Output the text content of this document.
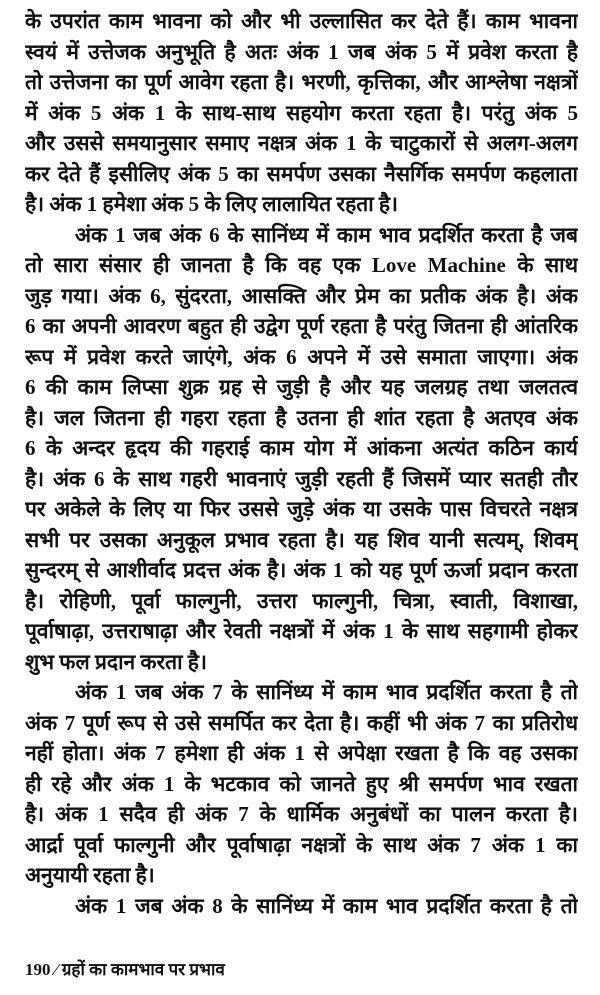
के उपरांत काम भावना को और भी उल्लासित कर देते हैं। काम भावना
स्वयं में उत्तेजक अनुभूति है अतः अंक 1 जब अंक 5 में प्रवेश करता है
तो उत्तेजना का पूर्ण आवेग रहता है। भरणी, कृत्तिका, और आश्लेषा नक्षत्रों
में अंक 5 अंक 1 के साथ-साथ सहयोग करता रहता है। परंतु अंक 5
और उससे समयानुसार समाए नक्षत्र अंक 1 के चाटुकारों से अलग-अलग
कर देते हैं इसीलिए अंक 5 का समर्पण उसका नैसर्गिक समर्पण कहलाता
है। अंक 1 हमेशा अंक 5 के लिए लालायित रहता है।
अंक 1 जब अंक 6 के सानिंध्य में काम भाव प्रदर्शित करता है जब
तो सारा संसार ही जानता है कि वह एक Love Machine के साथ
जुड़ गया। अंक 6, सुंदरता, आसक्ति और प्रेम का प्रतीक अंक है। अंक
6 का अपनी आवरण बहुत ही उद्वेग पूर्ण रहता है परंतु जितना ही आंतरिक
रूप में प्रवेश करते जाएंगे, अंक 6 अपने में उसे समाता जाएगा। अंक
6 की काम लिप्सा शुक्र ग्रह से जुड़ी है और यह जलग्रह तथा जलतत्व
है। जल जितना ही गहरा रहता है उतना ही शांत रहता है अतएव अंक
6 के अन्दर हृदय की गहराई काम योग में आंकना अत्यंत कठिन कार्य
है। अंक 6 के साथ गहरी भावनाएं जुड़ी रहती हैं जिसमें प्यार सतही तौर
पर अकेले के लिए या फिर उससे जुड़े अंक या उसके पास विचरते नक्षत्र
सभी पर उसका अनुकूल प्रभाव रहता है। यह शिव यानी सत्यम्, शिवम्
सुन्दरम् से आशीर्वाद प्रदत्त अंक है। अंक 1 को यह पूर्ण ऊर्जा प्रदान करता
है। रोहिणी, पूर्वा फाल्गुनी, उत्तरा फाल्गुनी, चित्रा, स्वाती, विशाखा,
पूर्वाषाढ़ा, उत्तराषाढ़ा और रेवती नक्षत्रों में अंक 1 के साथ सहगामी होकर
शुभ फल प्रदान करता है।
अंक 1 जब अंक 7 के सानिंध्य में काम भाव प्रदर्शित करता है तो
अंक 7 पूर्ण रूप से उसे समर्पित कर देता है। कहीं भी अंक 7 का प्रतिरोध
नहीं होता। अंक 7 हमेशा ही अंक 1 से अपेक्षा रखता है कि वह उसका
ही रहे और अंक 1 के भटकाव को जानते हुए श्री समर्पण भाव रखता
है। अंक 1 सदैव ही अंक 7 के धार्मिक अनुबंधों का पालन करता है।
आर्द्रा पूर्वा फाल्गुनी और पूर्वाषाढ़ा नक्षत्रों के साथ अंक 7 अंक 1 का
अनुयायी रहता है।
अंक 1 जब अंक 8 के सानिंध्य में काम भाव प्रदर्शित करता है तो
190 ⁄ ग्रहों का कामभाव पर प्रभाव
